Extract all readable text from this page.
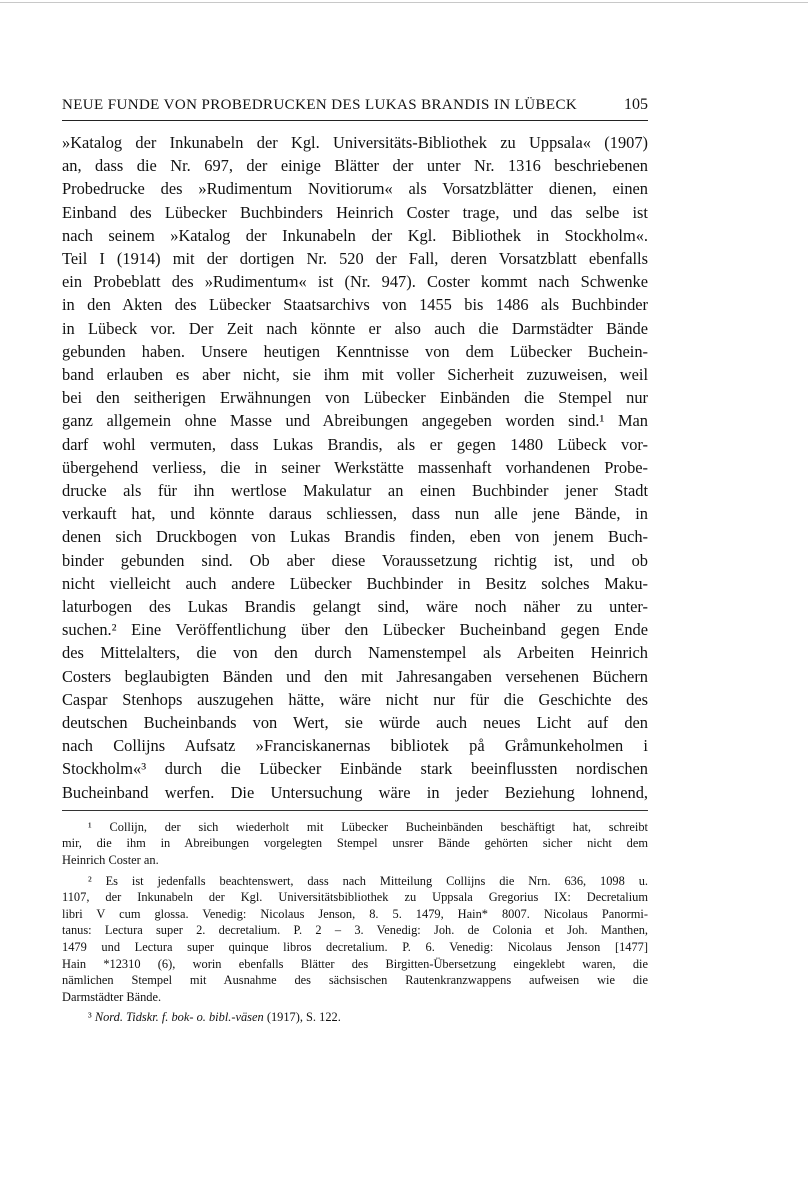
NEUE FUNDE VON PROBEDRUCKEN DES LUKAS BRANDIS IN LÜBECK	105
»Katalog der Inkunabeln der Kgl. Universitäts-Bibliothek zu Uppsala« (1907)
an, dass die Nr. 697, der einige Blätter der unter Nr. 1316 beschriebenen
Probedrucke des »Rudimentum Novitiorum« als Vorsatzblätter dienen, einen
Einband des Lübecker Buchbinders Heinrich Coster trage, und das selbe ist
nach seinem »Katalog der Inkunabeln der Kgl. Bibliothek in Stockholm«.
Teil I (1914) mit der dortigen Nr. 520 der Fall, deren Vorsatzblatt ebenfalls
ein Probeblatt des »Rudimentum« ist (Nr. 947). Coster kommt nach Schwenke
in den Akten des Lübecker Staatsarchivs von 1455 bis 1486 als Buchbinder
in Lübeck vor. Der Zeit nach könnte er also auch die Darmstädter Bände
gebunden haben. Unsere heutigen Kenntnisse von dem Lübecker Buchein-
band erlauben es aber nicht, sie ihm mit voller Sicherheit zuzuweisen, weil
bei den seitherigen Erwähnungen von Lübecker Einbänden die Stempel nur
ganz allgemein ohne Masse und Abreibungen angegeben worden sind.¹ Man
darf wohl vermuten, dass Lukas Brandis, als er gegen 1480 Lübeck vor-
übergehend verliess, die in seiner Werkstätte massenhaft vorhandenen Probe-
drucke als für ihn wertlose Makulatur an einen Buchbinder jener Stadt
verkauft hat, und könnte daraus schliessen, dass nun alle jene Bände, in
denen sich Druckbogen von Lukas Brandis finden, eben von jenem Buch-
binder gebunden sind. Ob aber diese Voraussetzung richtig ist, und ob
nicht vielleicht auch andere Lübecker Buchbinder in Besitz solches Maku-
laturbogen des Lukas Brandis gelangt sind, wäre noch näher zu unter-
suchen.² Eine Veröffentlichung über den Lübecker Bucheinband gegen Ende
des Mittelalters, die von den durch Namenstempel als Arbeiten Heinrich
Costers beglaubigten Bänden und den mit Jahresangaben versehenen Büchern
Caspar Stenhops auszugehen hätte, wäre nicht nur für die Geschichte des
deutschen Bucheinbands von Wert, sie würde auch neues Licht auf den
nach Collijns Aufsatz »Franciskanernas bibliotek på Gråmunkeholmen i
Stockholm«³ durch die Lübecker Einbände stark beeinflussten nordischen
Bucheinband werfen. Die Untersuchung wäre in jeder Beziehung lohnend,
¹ Collijn, der sich wiederholt mit Lübecker Bucheinbänden beschäftigt hat, schreibt
mir, die ihm in Abreibungen vorgelegten Stempel unsrer Bände gehörten sicher nicht dem
Heinrich Coster an.
² Es ist jedenfalls beachtenswert, dass nach Mitteilung Collijns die Nrn. 636, 1098 u.
1107, der Inkunabeln der Kgl. Universitätsbibliothek zu Uppsala Gregorius IX: Decretalium
libri V cum glossa. Venedig: Nicolaus Jenson, 8. 5. 1479, Hain* 8007. Nicolaus Panormi-
tanus: Lectura super 2. decretalium. P. 2 – 3. Venedig: Joh. de Colonia et Joh. Manthen,
1479 und Lectura super quinque libros decretalium. P. 6. Venedig: Nicolaus Jenson [1477]
Hain *12310 (6), worin ebenfalls Blätter des Birgitten-Übersetzung eingeklebt waren, die
nämlichen Stempel mit Ausnahme des sächsischen Rautenkranzwappens aufweisen wie die
Darmstädter Bände.
³ Nord. Tidskr. f. bok- o. bibl.-väsen (1917), S. 122.
